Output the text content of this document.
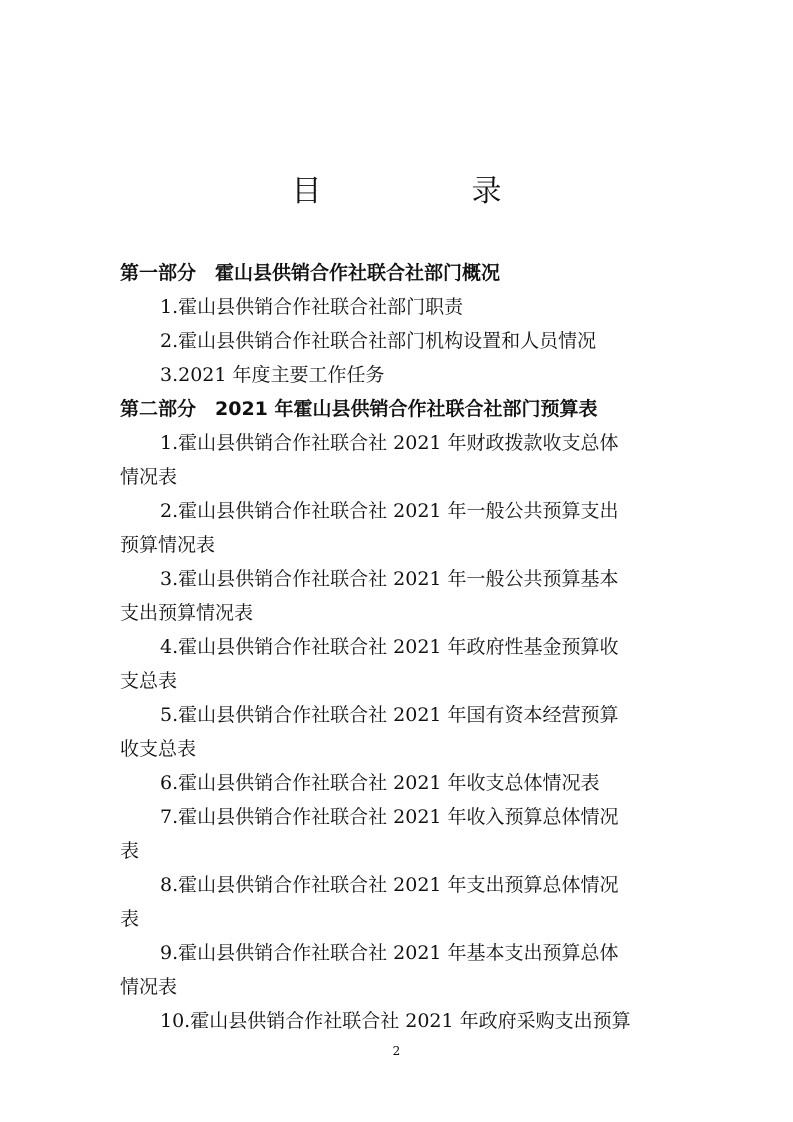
目　录
第一部分　霍山县供销合作社联合社部门概况
1.霍山县供销合作社联合社部门职责
2.霍山县供销合作社联合社部门机构设置和人员情况
3.2021 年度主要工作任务
第二部分　2021 年霍山县供销合作社联合社部门预算表
1.霍山县供销合作社联合社 2021 年财政拨款收支总体
情况表
2.霍山县供销合作社联合社 2021 年一般公共预算支出
预算情况表
3.霍山县供销合作社联合社 2021 年一般公共预算基本
支出预算情况表
4.霍山县供销合作社联合社 2021 年政府性基金预算收
支总表
5.霍山县供销合作社联合社 2021 年国有资本经营预算
收支总表
6.霍山县供销合作社联合社 2021 年收支总体情况表
7.霍山县供销合作社联合社 2021 年收入预算总体情况
表
8.霍山县供销合作社联合社 2021 年支出预算总体情况
表
9.霍山县供销合作社联合社 2021 年基本支出预算总体
情况表
10.霍山县供销合作社联合社 2021 年政府采购支出预算
2
